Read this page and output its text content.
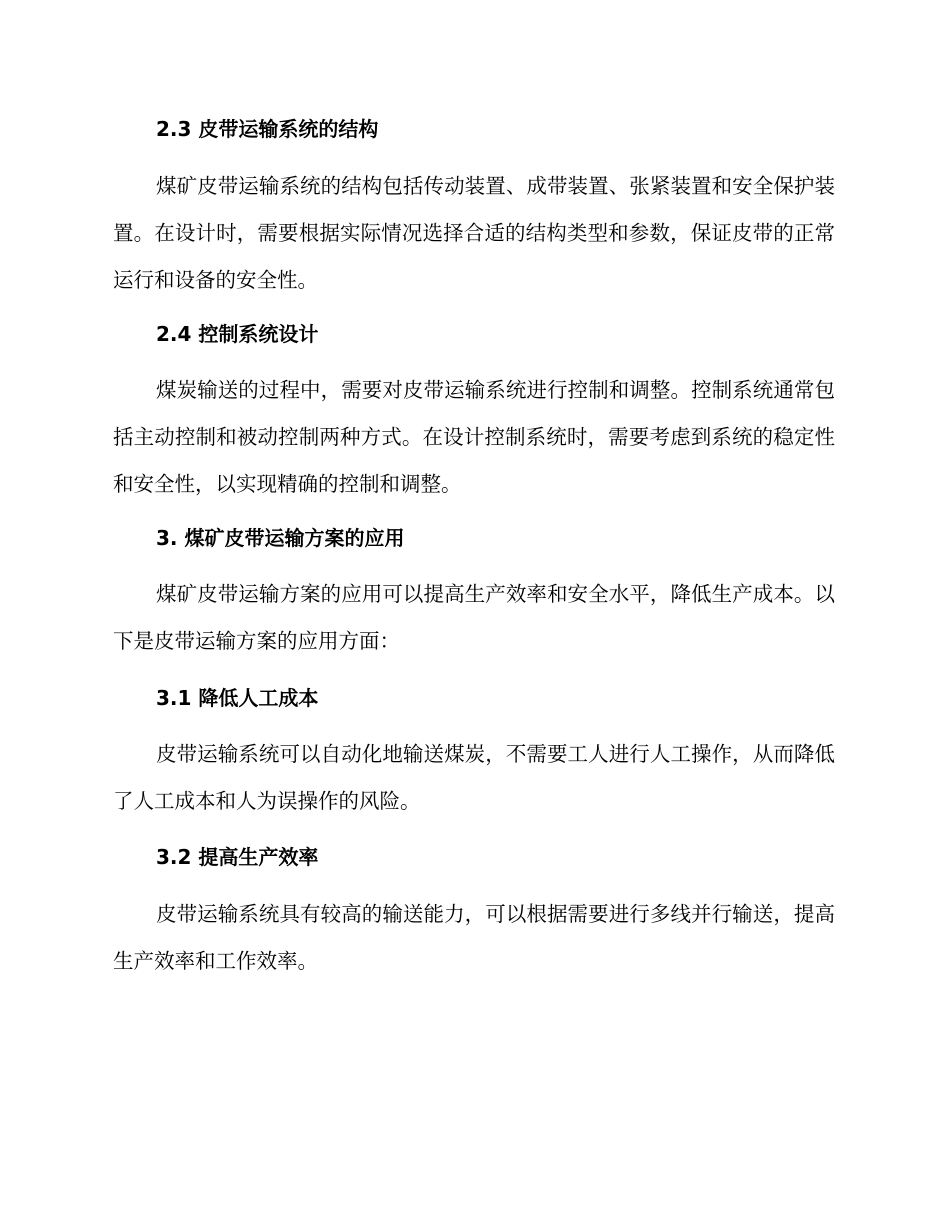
2.3 皮带运输系统的结构

煤矿皮带运输系统的结构包括传动装置、成带装置、张紧装置和安全保护装置。在设计时，需要根据实际情况选择合适的结构类型和参数，保证皮带的正常运行和设备的安全性。

2.4 控制系统设计

煤炭输送的过程中，需要对皮带运输系统进行控制和调整。控制系统通常包括主动控制和被动控制两种方式。在设计控制系统时，需要考虑到系统的稳定性和安全性，以实现精确的控制和调整。

3. 煤矿皮带运输方案的应用

煤矿皮带运输方案的应用可以提高生产效率和安全水平，降低生产成本。以下是皮带运输方案的应用方面：

3.1 降低人工成本

皮带运输系统可以自动化地输送煤炭，不需要工人进行人工操作，从而降低了人工成本和人为误操作的风险。

3.2 提高生产效率

皮带运输系统具有较高的输送能力，可以根据需要进行多线并行输送，提高生产效率和工作效率。
